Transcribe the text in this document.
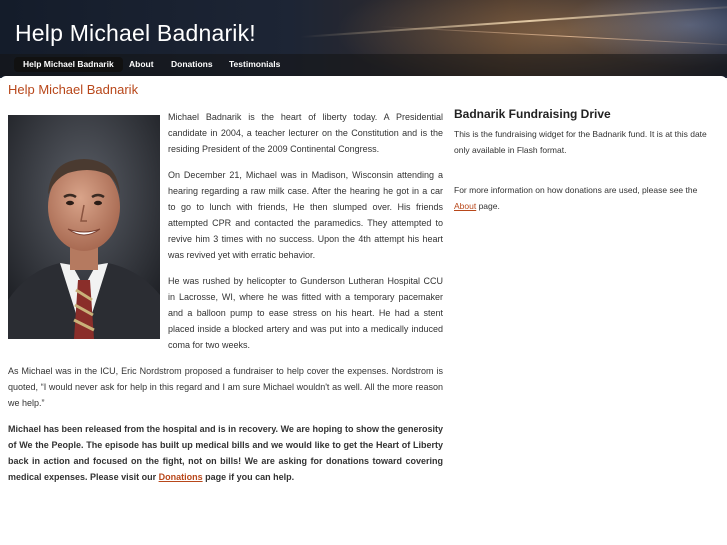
Help Michael Badnarik!
Help Michael Badnarik	About	Donations	Testimonials
Help Michael Badnarik

Michael Badnarik is the heart of liberty today. A Presidential candidate in 2004, a teacher lecturer on the Constitution and is the residing President of the 2009 Continental Congress.

On December 21, Michael was in Madison, Wisconsin attending a hearing regarding a raw milk case. After the hearing he got in a car to go to lunch with friends, He then slumped over. His friends attempted CPR and contacted the paramedics. They attempted to revive him 3 times with no success. Upon the 4th attempt his heart was revived yet with erratic behavior.

He was rushed by helicopter to Gunderson Lutheran Hospital CCU in Lacrosse, WI, where he was fitted with a temporary pacemaker and a balloon pump to ease stress on his heart. He had a stent placed inside a blocked artery and was put into a medically induced coma for two weeks.

As Michael was in the ICU, Eric Nordstrom proposed a fundraiser to help cover the expenses. Nordstrom is quoted, “I would never ask for help in this regard and I am sure Michael wouldn't as well. All the more reason we help.”

Michael has been released from the hospital and is in recovery. We are hoping to show the generosity of We the People. The episode has built up medical bills and we would like to get the Heart of Liberty back in action and focused on the fight, not on bills! We are asking for donations toward covering medical expenses. Please visit our Donations page if you can help.

Badnarik Fundraising Drive

This is the fundraising widget for the Badnarik fund. It is at this date only available in Flash format.

For more information on how donations are used, please see the About page.
